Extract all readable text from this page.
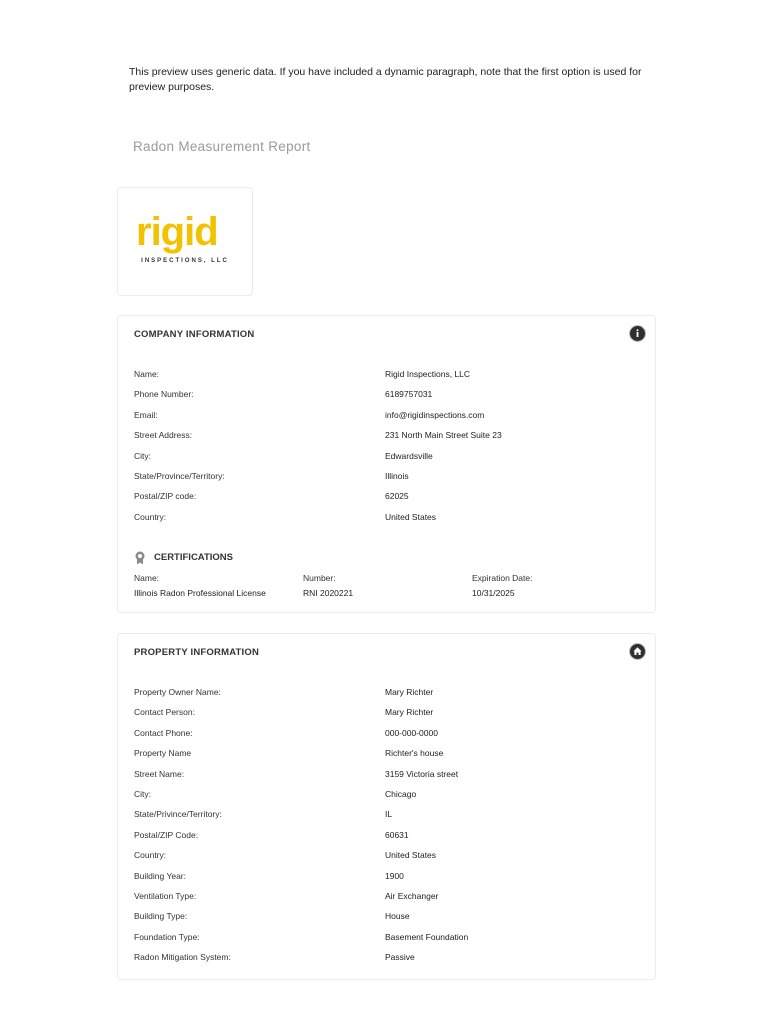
This preview uses generic data. If you have included a dynamic paragraph, note that the first option is used for preview purposes.
Radon Measurement Report
rigid
INSPECTIONS, LLC
COMPANY INFORMATION
Name:	Rigid Inspections, LLC
Phone Number:	6189757031
Email:	info@rigidinspections.com
Street Address:	231 North Main Street Suite 23
City:	Edwardsville
State/Province/Territory:	Illinois
Postal/ZIP code:	62025
Country:	United States
CERTIFICATIONS
Name:
Illinois Radon Professional License
Number:
RNI 2020221
Expiration Date:
10/31/2025
PROPERTY INFORMATION
Property Owner Name:	Mary Richter
Contact Person:	Mary Richter
Contact Phone:	000-000-0000
Property Name	Richter's house
Street Name:	3159 Victoria street
City:	Chicago
State/Privince/Territory:	IL
Postal/ZIP Code:	60631
Country:	United States
Building Year:	1900
Ventilation Type:	Air Exchanger
Building Type:	House
Foundation Type:	Basement Foundation
Radon Mitigation System:	Passive
